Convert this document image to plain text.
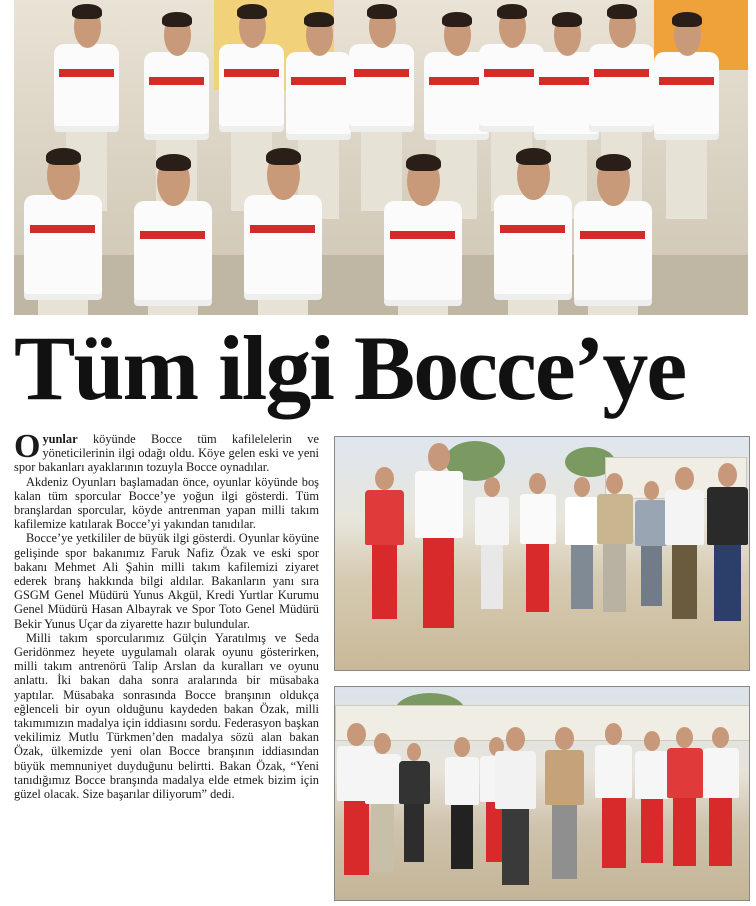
Tüm ilgi Bocce’ye

Oyunlar köyünde Bocce tüm kafilelelerin ve yöneticilerinin ilgi odağı oldu. Köye gelen eski ve yeni spor bakanları ayaklarının tozuyla Bocce oynadılar.

Akdeniz Oyunları başlamadan önce, oyunlar köyünde boş kalan tüm sporcular Bocce’ye yoğun ilgi gösterdi. Tüm branşlardan sporcular, köyde antrenman yapan milli takım kafilemize katılarak Bocce’yi yakından tanıdılar.

Bocce’ye yetkililer de büyük ilgi gösterdi. Oyunlar köyüne gelişinde spor bakanımız Faruk Nafiz Özak ve eski spor bakanı Mehmet Ali Şahin milli takım kafilemizi ziyaret ederek branş hakkında bilgi aldılar. Bakanların yanı sıra GSGM Genel Müdürü Yunus Akgül, Kredi Yurtlar Kurumu Genel Müdürü Hasan Albayrak ve Spor Toto Genel Müdürü Bekir Yunus Uçar da ziyarette hazır bulundular.

Milli takım sporcularımız Gülçin Yaratılmış ve Seda Geridönmez heyete uygulamalı olarak oyunu gösterirken, milli takım antrenörü Talip Arslan da kuralları ve oyunu anlattı. İki bakan daha sonra aralarında bir müsabaka yaptılar. Müsabaka sonrasında Bocce branşının oldukça eğlenceli bir oyun olduğunu kaydeden bakan Özak, milli takımımızın madalya için iddiasını sordu. Federasyon başkan vekilimiz Mutlu Türkmen’den madalya sözü alan bakan Özak, ülkemizde yeni olan Bocce branşının iddiasından büyük memnuniyet duyduğunu belirtti. Bakan Özak, “Yeni tanıdığımız Bocce branşında madalya elde etmek bizim için güzel olacak. Size başarılar diliyorum” dedi.
